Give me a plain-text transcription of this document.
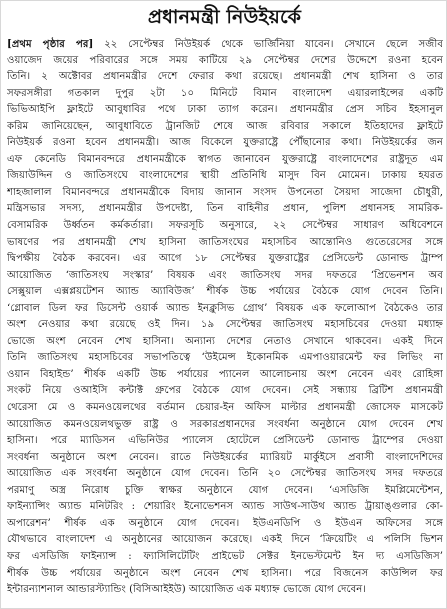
প্রধানমন্ত্রী নিউইয়র্কে
[প্রথম পৃষ্ঠার পর] ২২ সেপ্টেম্বর নিউইয়র্ক থেকে ভার্জিনিয়া যাবেন। সেখানে ছেলে সজীব
ওয়াজেদ জয়ের পরিবারের সঙ্গে সময় কাটিয়ে ২৯ সেপ্টেম্বর দেশের উদ্দেশে রওনা হবেন
তিনি। ২ অক্টোবর প্রধানমন্ত্রীর দেশে ফেরার কথা রয়েছে। প্রধানমন্ত্রী শেখ হাসিনা ও তার
সফরসঙ্গীরা গতকাল দুপুর ২টা ১০ মিনিটে বিমান বাংলাদেশ এয়ারলাইন্সের একটি
ভিভিআইপি ফ্লাইটে আবুধাবির পথে ঢাকা ত্যাগ করেন। প্রধানমন্ত্রীর প্রেস সচিব ইহসানুল
করিম জানিয়েছেন, আবুধাবিতে ট্রানজিট শেষে আজ রবিবার সকালে ইতিহাদের ফ্লাইটে
নিউইয়র্ক রওনা হবেন প্রধানমন্ত্রী। আজ বিকেলে যুক্তরাষ্ট্রে পৌঁছানোর কথা। নিউইয়র্কের জন
এফ কেনেডি বিমানবন্দরে প্রধানমন্ত্রীকে স্বাগত জানাবেন যুক্তরাষ্ট্রে বাংলাদেশের রাষ্ট্রদূত এম
জিয়াউদ্দিন ও জাতিসংঘে বাংলাদেশের স্থায়ী প্রতিনিধি মাসুদ বিন মোমেন। ঢাকায় হযরত
শাহজালাল বিমানবন্দরে প্রধানমন্ত্রীকে বিদায় জানান সংসদ উপনেতা সৈয়দা সাজেদা চৌধুরী,
মন্ত্রিসভার সদস্য, প্রধানমন্ত্রীর উপদেষ্টা, তিন বাহিনীর প্রধান, পুলিশ প্রধানসহ সামরিক-
বেসামরিক উর্ধ্বতন কর্মকর্তারা। সফরসূচি অনুসারে, ২২ সেপ্টেম্বর সাধারণ অধিবেশনে
ভাষণের পর প্রধানমন্ত্রী শেখ হাসিনা জাতিসংঘের মহাসচিব আন্তোনিও গুতেরেসের সঙ্গে
দ্বিপক্ষীয় বৈঠক করবেন। এর আগে ১৮ সেপ্টেম্বর যুক্তরাষ্ট্রের প্রেসিডেন্ট ডোনাল্ড ট্রাম্প
আয়োজিত ‘জাতিসংঘ সংস্কার’ বিষয়ক এবং জাতিসংঘ সদর দফতরে ‘প্রিভেনশন অব
সেক্সুয়াল এক্সপ্লয়টেশন অ্যান্ড অ্যাবিউজ’ শীর্ষক উচ্চ পর্যায়ের বৈঠকে যোগ দেবেন তিনি।
‘গ্লোবাল ডিল ফর ডিসেন্ট ওয়ার্ক অ্যান্ড ইনক্লুসিভ গ্রোথ’ বিষয়ক এক ফলোআপ বৈঠকেও তার
অংশ নেওয়ার কথা রয়েছে ওই দিন। ১৯ সেপ্টেম্বর জাতিসংঘ মহাসচিবের দেওয়া মধ্যাহ্ন
ভোজে অংশ নেবেন শেখ হাসিনা। অন্যান্য দেশের নেতাও সেখানে থাকবেন। একই দিনে
তিনি জাতিসংঘ মহাসচিবের সভাপতিত্বে ‘উইমেন্স ইকোনমিক এমপাওয়ারমেন্ট ফর লিভিং না
ওয়ান বিহাইন্ড’ শীর্ষক একটি উচ্চ পর্যায়ের প্যানেল আলোচনায় অংশ নেবেন এবং রোহিঙ্গা
সংকট নিয়ে ওআইসি কন্টাক্ট গ্রুপের বৈঠকে যোগ দেবেন। সেই সন্ধ্যায় ব্রিটিশ প্রধানমন্ত্রী
থেরেসা মে ও কমনওয়েলথের বর্তমান চেয়ার-ইন অফিস মাল্টার প্রধানমন্ত্রী জোসেফ মাসকেট
আয়োজিত কমনওয়েলথভুক্ত রাষ্ট্র ও সরকারপ্রধানদের সংবর্ধনা অনুষ্ঠানে যোগ দেবেন শেখ
হাসিনা। পরে ম্যাডিসন এভিনিউর প্যালেস হোটেলে প্রেসিডেন্ট ডোনাল্ড ট্রাম্পের দেওয়া
সংবর্ধনা অনুষ্ঠানে অংশ নেবেন। রাতে নিউইয়র্কের ম্যারিয়ট মার্কুইসে প্রবাসী বাংলাদেশিদের
আয়োজিত এক সংবর্ধনা অনুষ্ঠানে যোগ দেবেন। তিনি ২০ সেপ্টেম্বর জাতিসংঘ সদর দফতরে
পরমাণু অস্ত্র নিরোধ চুক্তি স্বাক্ষর অনুষ্ঠানে যোগ দেবেন। ‘এসডিজি ইমপ্লিমেন্টেশন,
ফাইন্যান্সিং অ্যান্ড মনিটরিং : শেয়ারিং ইনোভেশনস অ্যান্ড সাউথ-সাউথ অ্যান্ড ট্রায়াঙ্গুলার কো-
অপারেশন’ শীর্ষক এক অনুষ্ঠানে যোগ দেবেন। ইউএনডিপি ও ইউএন অফিসের সঙ্গে
যৌথভাবে বাংলাদেশ এ অনুষ্ঠানের আয়োজন করেছে। একই দিনে ‘ক্রিয়েটিং এ পলিসি ভিশন
ফর এসডিজি ফাইন্যান্স : ফ্যাসিলিটেটিং প্রাইভেট সেক্টর ইনভেস্টমেন্ট ইন দ্য এসডিজিস’
শীর্ষক উচ্চ পর্যায়ের অনুষ্ঠানে অংশ নেবেন শেখ হাসিনা। পরে বিজনেস কাউন্সিল ফর
ইন্টারন্যাশনাল আন্ডারস্ট্যান্ডিং (বিসিআইইউ) আয়োজিত এক মধ্যাহ্ন ভোজে যোগ দেবেন।
